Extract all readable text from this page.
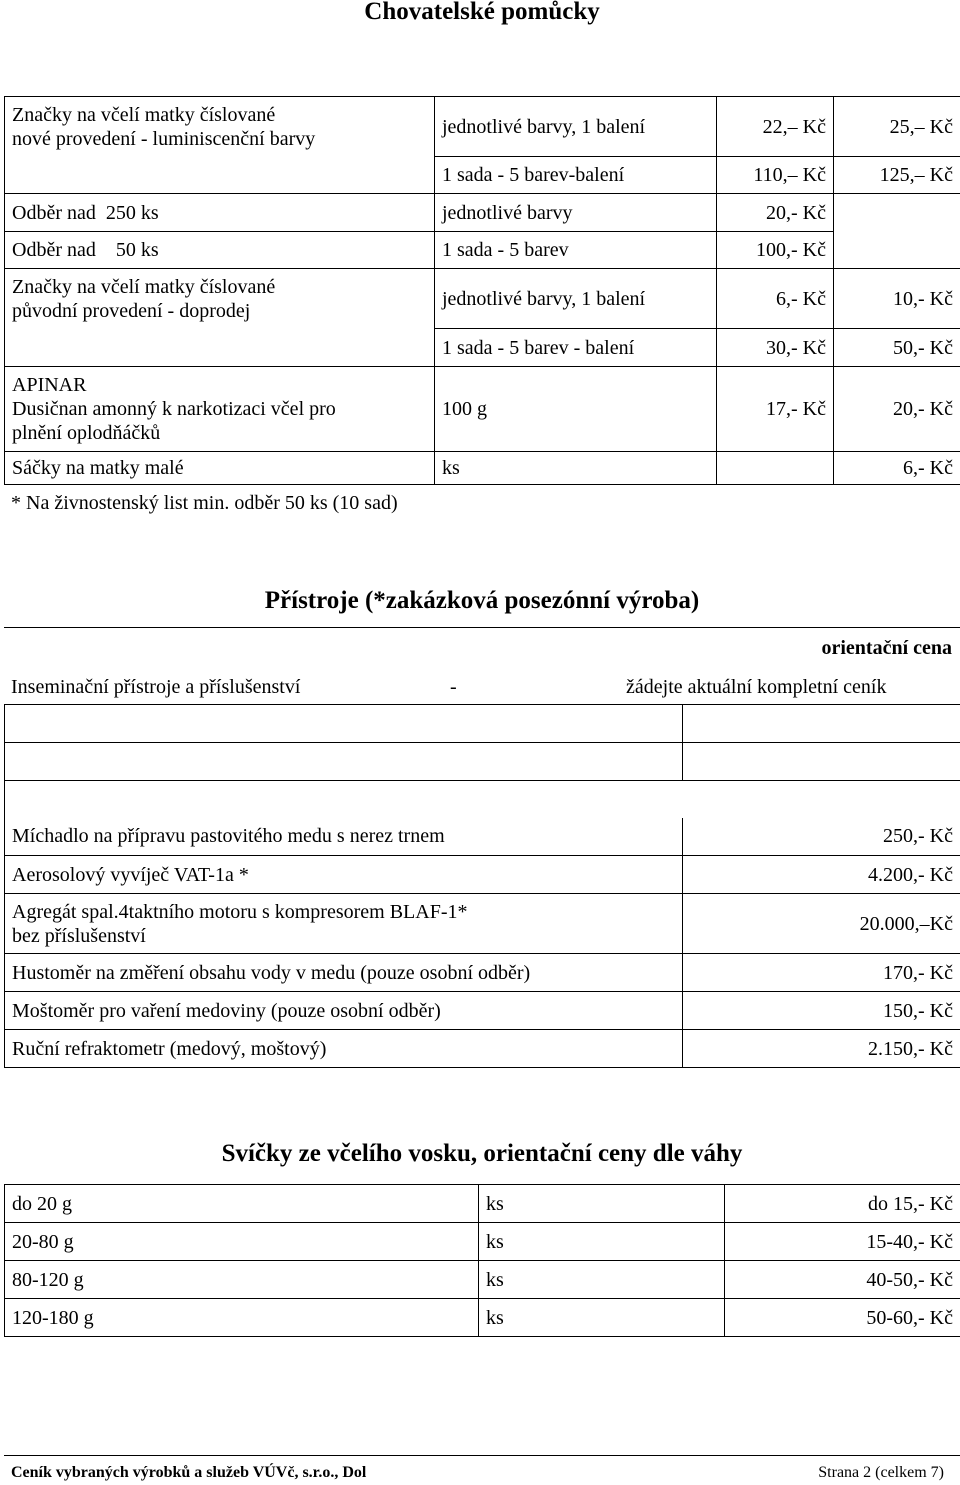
Chovatelské pomůcky
Značky na včelí matky číslované
nové provedení - luminiscenční barvy	jednotlivé barvy, 1 balení	22,– Kč	25,– Kč
	1 sada - 5 barev-balení	110,– Kč	125,– Kč
Odběr nad  250 ks	jednotlivé barvy	20,- Kč	
Odběr nad    50 ks	1 sada - 5 barev	100,- Kč	
Značky na včelí matky číslované
původní provedení - doprodej	jednotlivé barvy, 1 balení	6,- Kč	10,- Kč
	1 sada - 5 barev - balení	30,- Kč	50,- Kč
APINAR
Dusičnan amonný k narkotizaci včel pro
plnění oplodňáčků	100 g	17,- Kč	20,- Kč
Sáčky na matky malé	ks		6,- Kč
* Na živnostenský list min. odběr 50 ks (10 sad)
Přístroje (*zakázková posezónní výroba)
orientační cena
Inseminační přístroje a příslušenství	-	žádejte aktuální kompletní ceník

Míchadlo na přípravu pastovitého medu s nerez trnem	250,- Kč
Aerosolový vyvíječ VAT-1a *	4.200,- Kč
Agregát spal.4taktního motoru s kompresorem BLAF-1*
bez příslušenství	20.000,–Kč
Hustoměr na změření obsahu vody v medu (pouze osobní odběr)	170,- Kč
Moštoměr pro vaření medoviny (pouze osobní odběr)	150,- Kč
Ruční refraktometr (medový, moštový)	2.150,- Kč
Svíčky ze včelího vosku, orientační ceny dle váhy
do 20 g	ks	do 15,- Kč
20-80 g	ks	15-40,- Kč
80-120 g	ks	40-50,- Kč
120-180 g	ks	50-60,- Kč
Ceník vybraných výrobků a služeb VÚVč, s.r.o., Dol	Strana 2 (celkem 7)
